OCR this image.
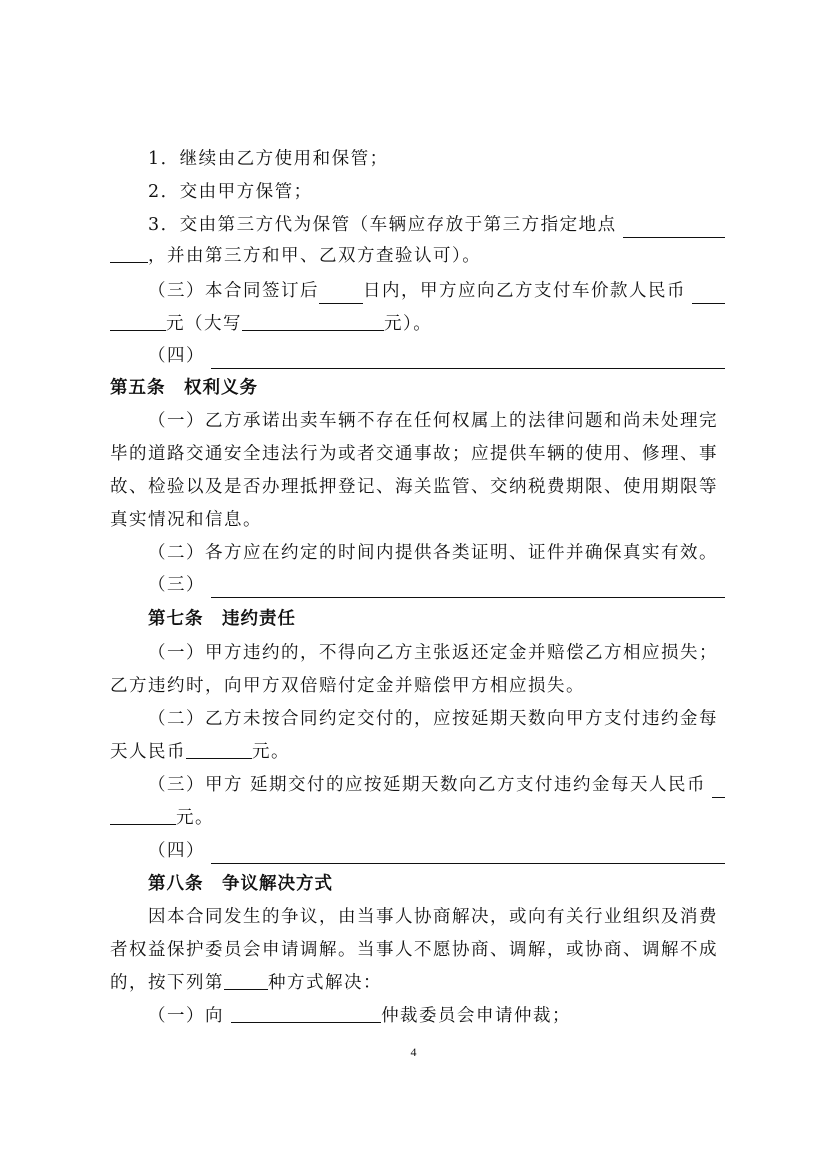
1．继续由乙方使用和保管；
2．交由甲方保管；
3．交由第三方代为保管（车辆应存放于第三方指定地点
，并由第三方和甲、乙双方查验认可）。
（三）本合同签订后	日内，甲方应向乙方支付车价款人民币
元（大写	元）。
（四）
第五条　权利义务
（一）乙方承诺出卖车辆不存在任何权属上的法律问题和尚未处理完
毕的道路交通安全违法行为或者交通事故；应提供车辆的使用、修理、事
故、检验以及是否办理抵押登记、海关监管、交纳税费期限、使用期限等
真实情况和信息。
（二）各方应在约定的时间内提供各类证明、证件并确保真实有效。
（三）
第七条　违约责任
（一）甲方违约的，不得向乙方主张返还定金并赔偿乙方相应损失；
乙方违约时，向甲方双倍赔付定金并赔偿甲方相应损失。
（二）乙方未按合同约定交付的，应按延期天数向甲方支付违约金每
天人民币	元。
（三）甲方 延期交付的应按延期天数向乙方支付违约金每天人民币
元。
（四）
第八条　争议解决方式
因本合同发生的争议，由当事人协商解决，或向有关行业组织及消费
者权益保护委员会申请调解。当事人不愿协商、调解，或协商、调解不成
的，按下列第	种方式解决：
（一）向	仲裁委员会申请仲裁；
4
